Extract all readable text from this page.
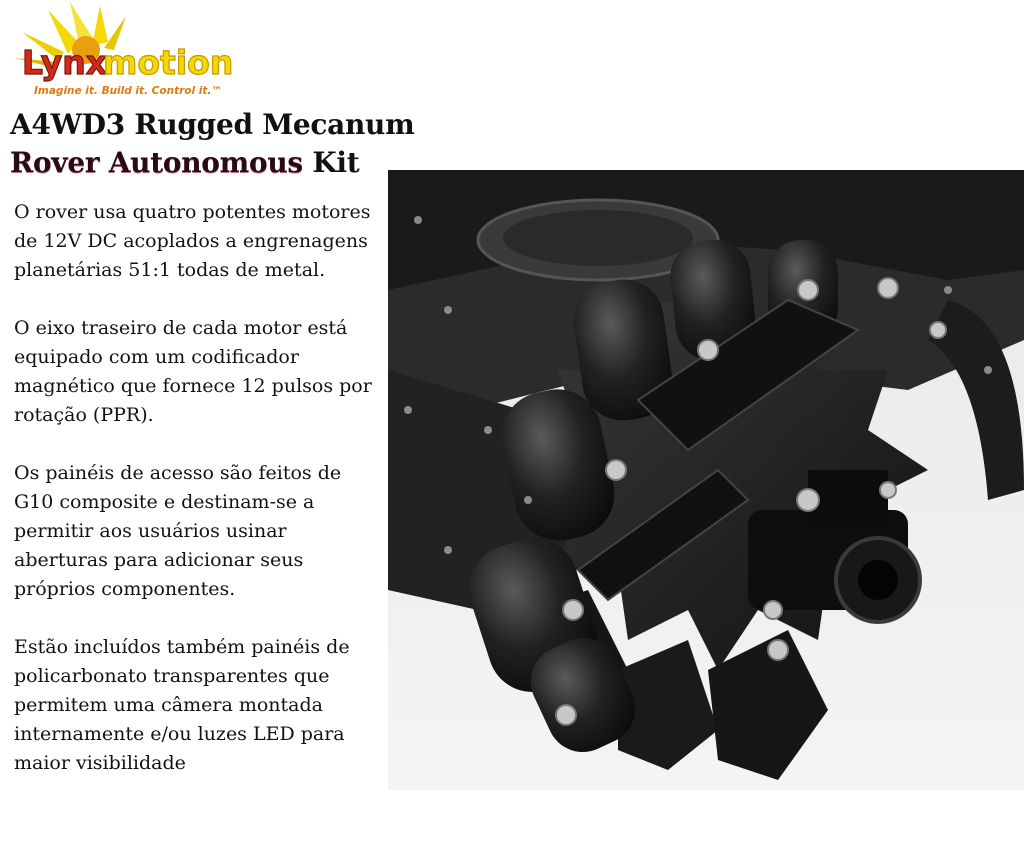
Lynx
motion
Imagine it. Build it. Control it.™
A4WD3 Rugged Mecanum
Rover Autonomous Kit

O rover usa quatro potentes motores de 12V DC acoplados a engrenagens planetárias 51:1 todas de metal.

O eixo traseiro de cada motor está equipado com um codificador magnético que fornece 12 pulsos por rotação (PPR).

Os painéis de acesso são feitos de G10 composite e destinam-se a permitir aos usuários usinar aberturas para adicionar seus próprios componentes.

Estão incluídos também painéis de policarbonato transparentes que permitem uma câmera montada internamente e/ou luzes LED para maior visibilidade
